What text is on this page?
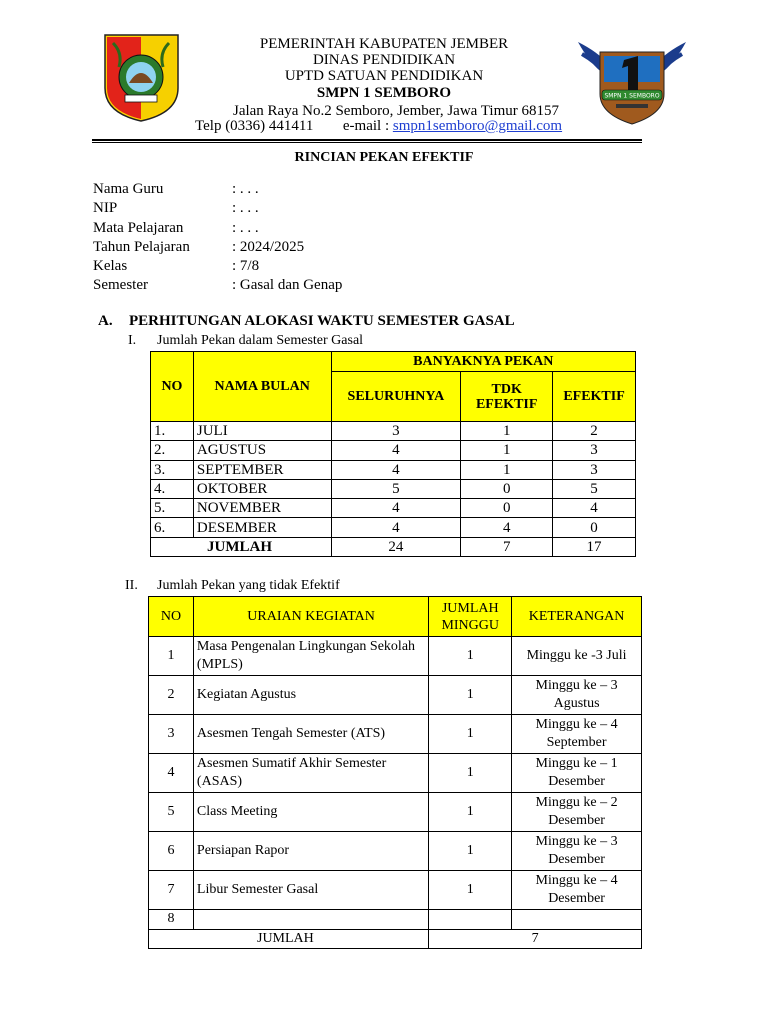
SMPN 1 SEMBORO
PEMERINTAH KABUPATEN JEMBER
DINAS PENDIDIKAN
UPTD SATUAN PENDIDIKAN
SMPN 1 SEMBORO
Jalan Raya No.2 Semboro, Jember, Jawa Timur 68157
Telp (0336) 441411 e-mail : smpn1semboro@gmail.com
RINCIAN PEKAN EFEKTIF
Nama Guru	: . . .
NIP	: . . .
Mata Pelajaran	: . . .
Tahun Pelajaran	: 2024/2025
Kelas	: 7/8
Semester	: Gasal dan Genap
A. PERHITUNGAN ALOKASI WAKTU SEMESTER GASAL
I. Jumlah Pekan dalam Semester Gasal
NO	NAMA BULAN	BANYAKNYA PEKAN		
		SELURUHNYA	TDK EFEKTIF	EFEKTIF
1.	JULI	3	1	2
2.	AGUSTUS	4	1	3
3.	SEPTEMBER	4	1	3
4.	OKTOBER	5	0	5
5.	NOVEMBER	4	0	4
6.	DESEMBER	4	4	0
JUMLAH		24	7	17
II. Jumlah Pekan yang tidak Efektif
NO	URAIAN KEGIATAN	JUMLAH MINGGU	KETERANGAN
1	Masa Pengenalan Lingkungan Sekolah (MPLS)	1	Minggu ke -3 Juli
2	Kegiatan Agustus	1	Minggu ke – 3 Agustus
3	Asesmen Tengah Semester (ATS)	1	Minggu ke – 4 September
4	Asesmen Sumatif Akhir Semester (ASAS)	1	Minggu ke – 1 Desember
5	Class Meeting	1	Minggu ke – 2 Desember
6	Persiapan Rapor	1	Minggu ke – 3 Desember
7	Libur Semester Gasal	1	Minggu ke – 4 Desember
8			
JUMLAH		7	
